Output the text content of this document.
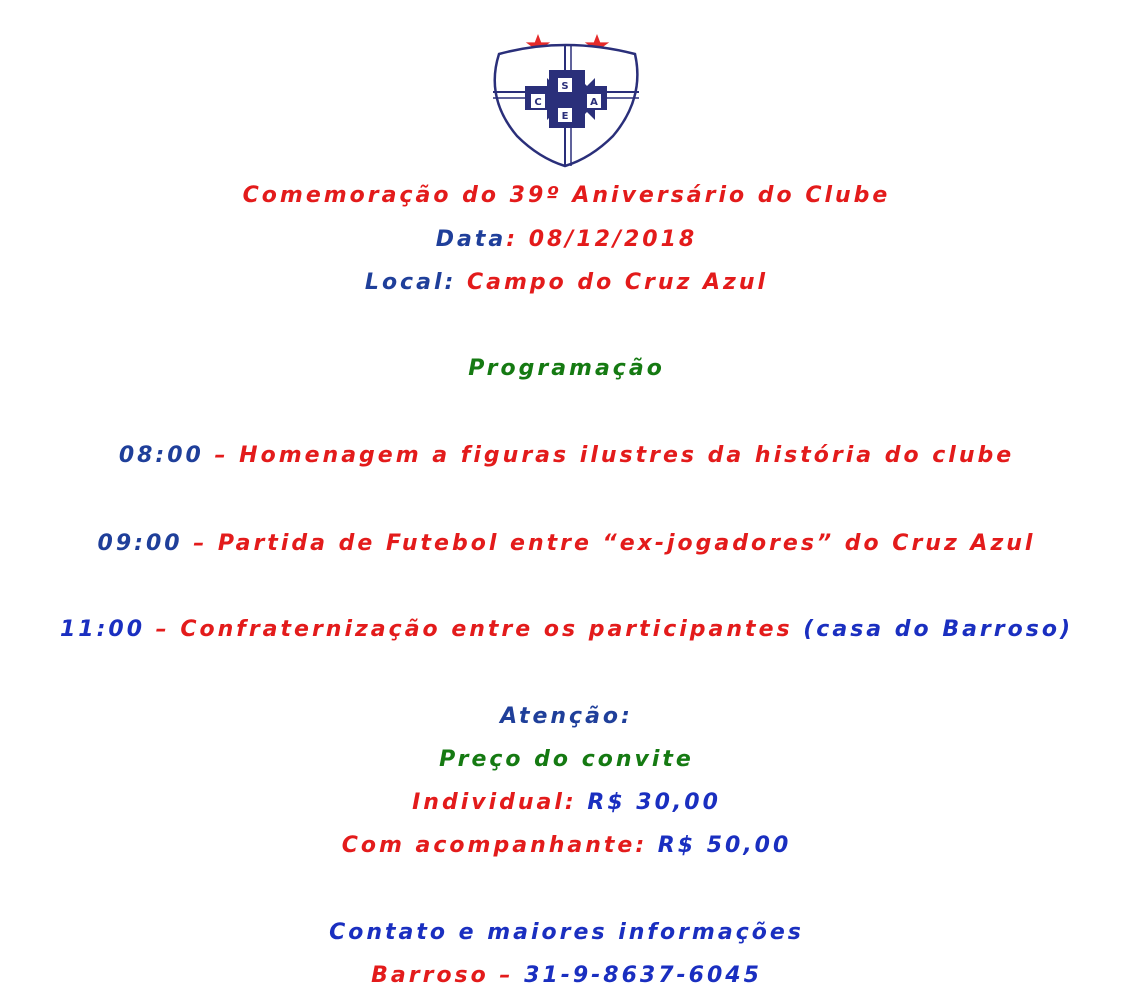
S
C	A
E
Comemoração do 39º Aniversário do Clube
Data: 08/12/2018
Local: Campo do Cruz Azul
Programação
08:00 – Homenagem a figuras ilustres da história do clube
09:00 – Partida de Futebol entre “ex-jogadores” do Cruz Azul
11:00 – Confraternização entre os participantes (casa do Barroso)
Atenção:
Preço do convite
Individual: R$ 30,00
Com acompanhante: R$ 50,00
Contato e maiores informações
Barroso – 31-9-8637-6045
